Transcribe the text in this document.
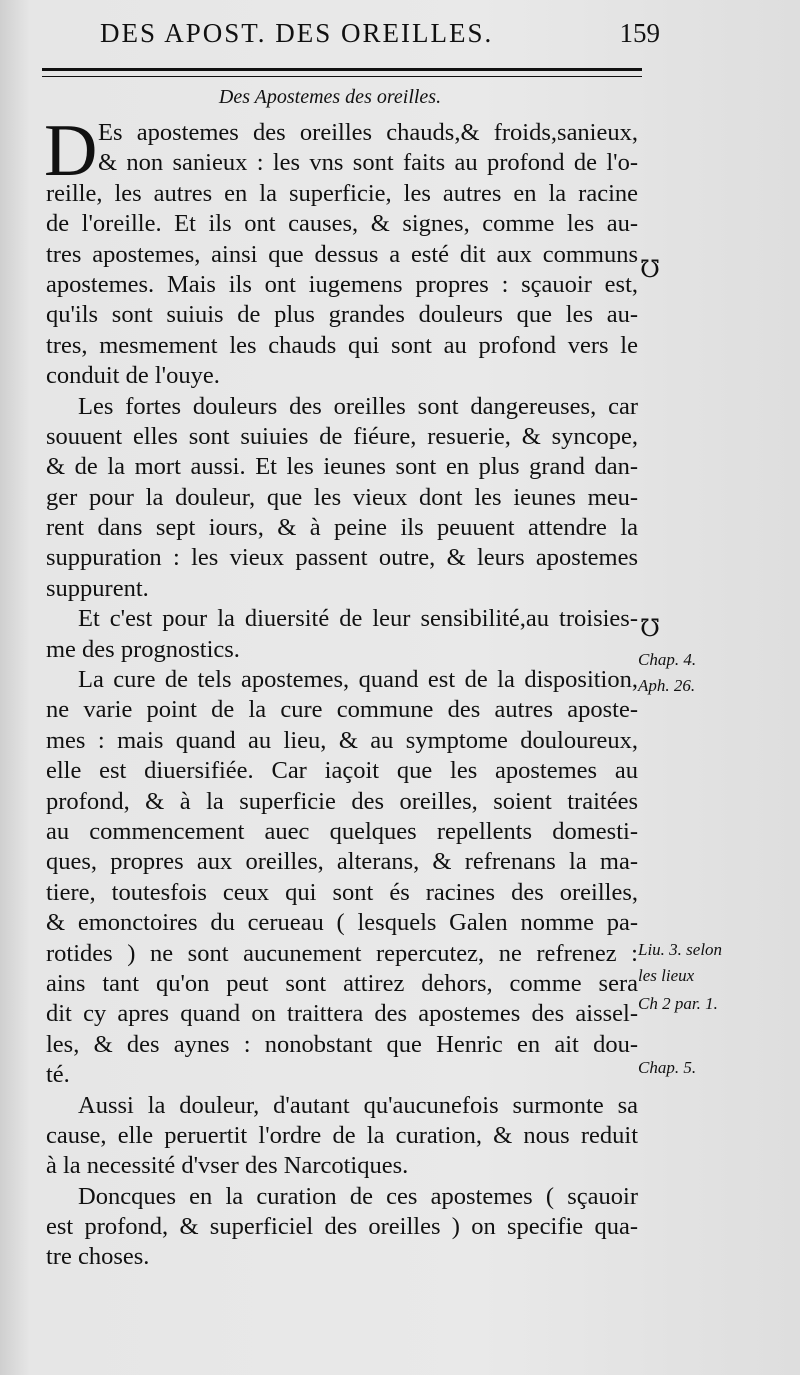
DES APOST. DES OREILLES.	159
Des Apostemes des oreilles.
D Es apostemes des oreilles chauds,& froids,sanieux,
& non sanieux : les vns sont faits au profond de l'o-
reille, les autres en la superficie, les autres en la racine
de l'oreille. Et ils ont causes, & signes, comme les au-
tres apostemes, ainsi que dessus a esté dit aux communs
apostemes. Mais ils ont iugemens propres : sçauoir est,
qu'ils sont suiuis de plus grandes douleurs que les au-
tres, mesmement les chauds qui sont au profond vers le
conduit de l'ouye.
Les fortes douleurs des oreilles sont dangereuses, car
souuent elles sont suiuies de fiéure, resuerie, & syncope,
& de la mort aussi. Et les ieunes sont en plus grand dan-
ger pour la douleur, que les vieux dont les ieunes meu-
rent dans sept iours, & à peine ils peuuent attendre la
suppuration : les vieux passent outre, & leurs apostemes
suppurent.
Et c'est pour la diuersité de leur sensibilité,au troisies-
me des prognostics.
La cure de tels apostemes, quand est de la disposition,
ne varie point de la cure commune des autres aposte-
mes : mais quand au lieu, & au symptome douloureux,
elle est diuersifiée. Car iaçoit que les apostemes au
profond, & à la superficie des oreilles, soient traitées
au commencement auec quelques repellents domesti-
ques, propres aux oreilles, alterans, & refrenans la ma-
tiere, toutesfois ceux qui sont és racines des oreilles,
& emonctoires du cerueau ( lesquels Galen nomme pa-
rotides ) ne sont aucunement repercutez, ne refrenez :
ains tant qu'on peut sont attirez dehors, comme sera
dit cy apres quand on traittera des apostemes des aissel-
les, & des aynes : nonobstant que Henric en ait dou-
té.
Aussi la douleur, d'autant qu'aucunefois surmonte sa
cause, elle peruertit l'ordre de la curation, & nous reduit
à la necessité d'vser des Narcotiques.
Doncques en la curation de ces apostemes ( sçauoir
est profond, & superficiel des oreilles ) on specifie qua-
tre choses.
℧
℧
Chap. 4.
Aph. 26.
Liu. 3. selon
les lieux
Ch 2 par. 1.
Chap. 5.
